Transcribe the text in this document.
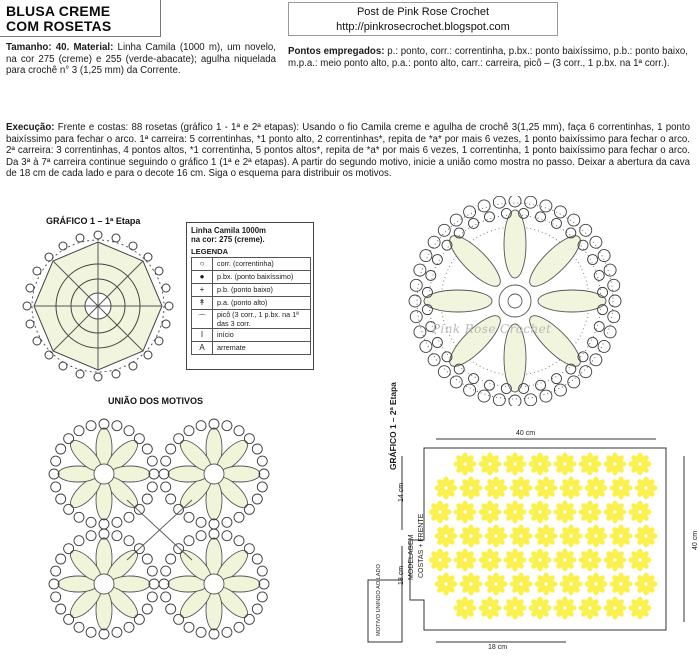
BLUSA CREME
COM ROSETAS
Post de Pink Rose Crochet
http://pinkrosecrochet.blogspot.com
Tamanho: 40. Material: Linha Camila (1000 m), um novelo, na cor 275 (creme) e 255 (verde-abacate); agulha niquelada para crochê n° 3 (1,25 mm) da Corrente.
Pontos empregados: p.: ponto, corr.: correntinha, p.bx.: ponto baixíssimo, p.b.: ponto baixo, m.p.a.: meio ponto alto, p.a.: ponto alto, carr.: carreira, picô – (3 corr., 1 p.bx. na 1ª corr.).
Execução: Frente e costas: 88 rosetas (gráfico 1 - 1ª e 2ª etapas): Usando o fio Camila creme e agulha de crochê 3(1,25 mm), faça 6 correntinhas, 1 ponto baixíssimo para fechar o arco. 1ª carreira: 5 correntinhas, *1 ponto alto, 2 correntinhas*, repita de *a* por mais 6 vezes, 1 ponto baixíssimo para fechar o arco. 2ª carreira: 3 correntinhas, 4 pontos altos, *1 correntinha, 5 pontos altos*, repita de *a* por mais 6 vezes, 1 correntinha, 1 ponto baixíssimo para fechar o arco. Da 3ª à 7ª carreira continue seguindo o gráfico 1 (1ª e 2ª etapas). A partir do segundo motivo, inicie a união como mostra no passo. Deixar a abertura da cava de 18 cm de cada lado e para o decote 16 cm. Siga o esquema para distribuir os motivos.
GRÁFICO 1 – 1ª Etapa
Linha Camila 1000m
na cor: 275 (creme).
LEGENDA
○	corr. (correntinha)
●	p.bx. (ponto baixíssimo)
+	p.b. (ponto baixo)
↟	p.a. (ponto alto)
⌒	picô (3 corr., 1 p.bx. na 1ª das 3 corr.
I	início
A	arremate
GRÁFICO 1 – 2ª Etapa
Pink Rose Crochet
UNIÃO DOS MOTIVOS
COSTAS + FRENTE
MODELAGEM
40 cm
40 cm
18 cm
14 cm
18 cm
MOTIVO UNINDO AO LADO
